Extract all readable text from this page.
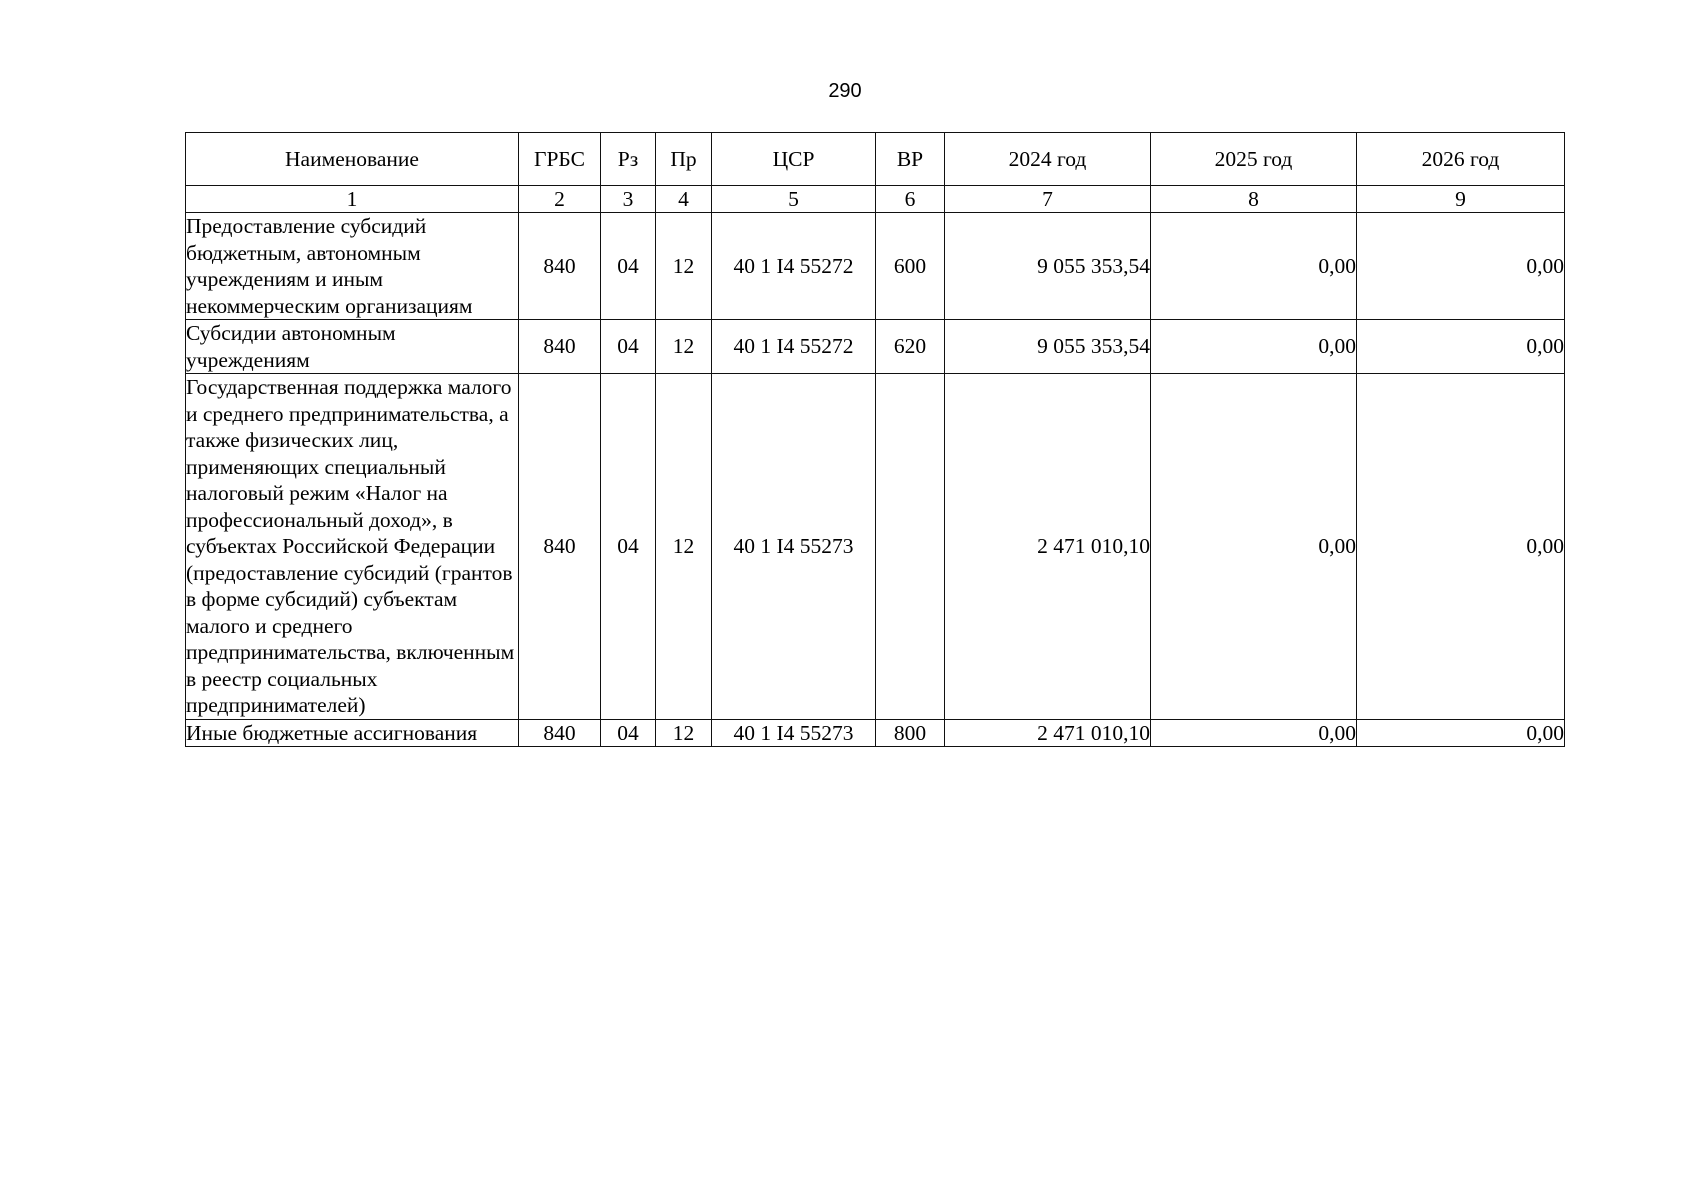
290
Наименование	ГРБС	Рз	Пр	ЦСР	ВР	2024 год	2025 год	2026 год
1	2	3	4	5	6	7	8	9
Предоставление субсидий бюджетным, автономным учреждениям и иным некоммерческим организациям	840	04	12	40 1 I4 55272	600	9 055 353,54	0,00	0,00
Субсидии автономным учреждениям	840	04	12	40 1 I4 55272	620	9 055 353,54	0,00	0,00
Государственная поддержка малого и среднего предпринимательства, а также физических лиц, применяющих специальный налоговый режим «Налог на профессиональный доход», в субъектах Российской Федерации (предоставление субсидий (грантов в форме субсидий) субъектам малого и среднего предпринимательства, включенным в реестр социальных предпринимателей)	840	04	12	40 1 I4 55273		2 471 010,10	0,00	0,00
Иные бюджетные ассигнования	840	04	12	40 1 I4 55273	800	2 471 010,10	0,00	0,00
